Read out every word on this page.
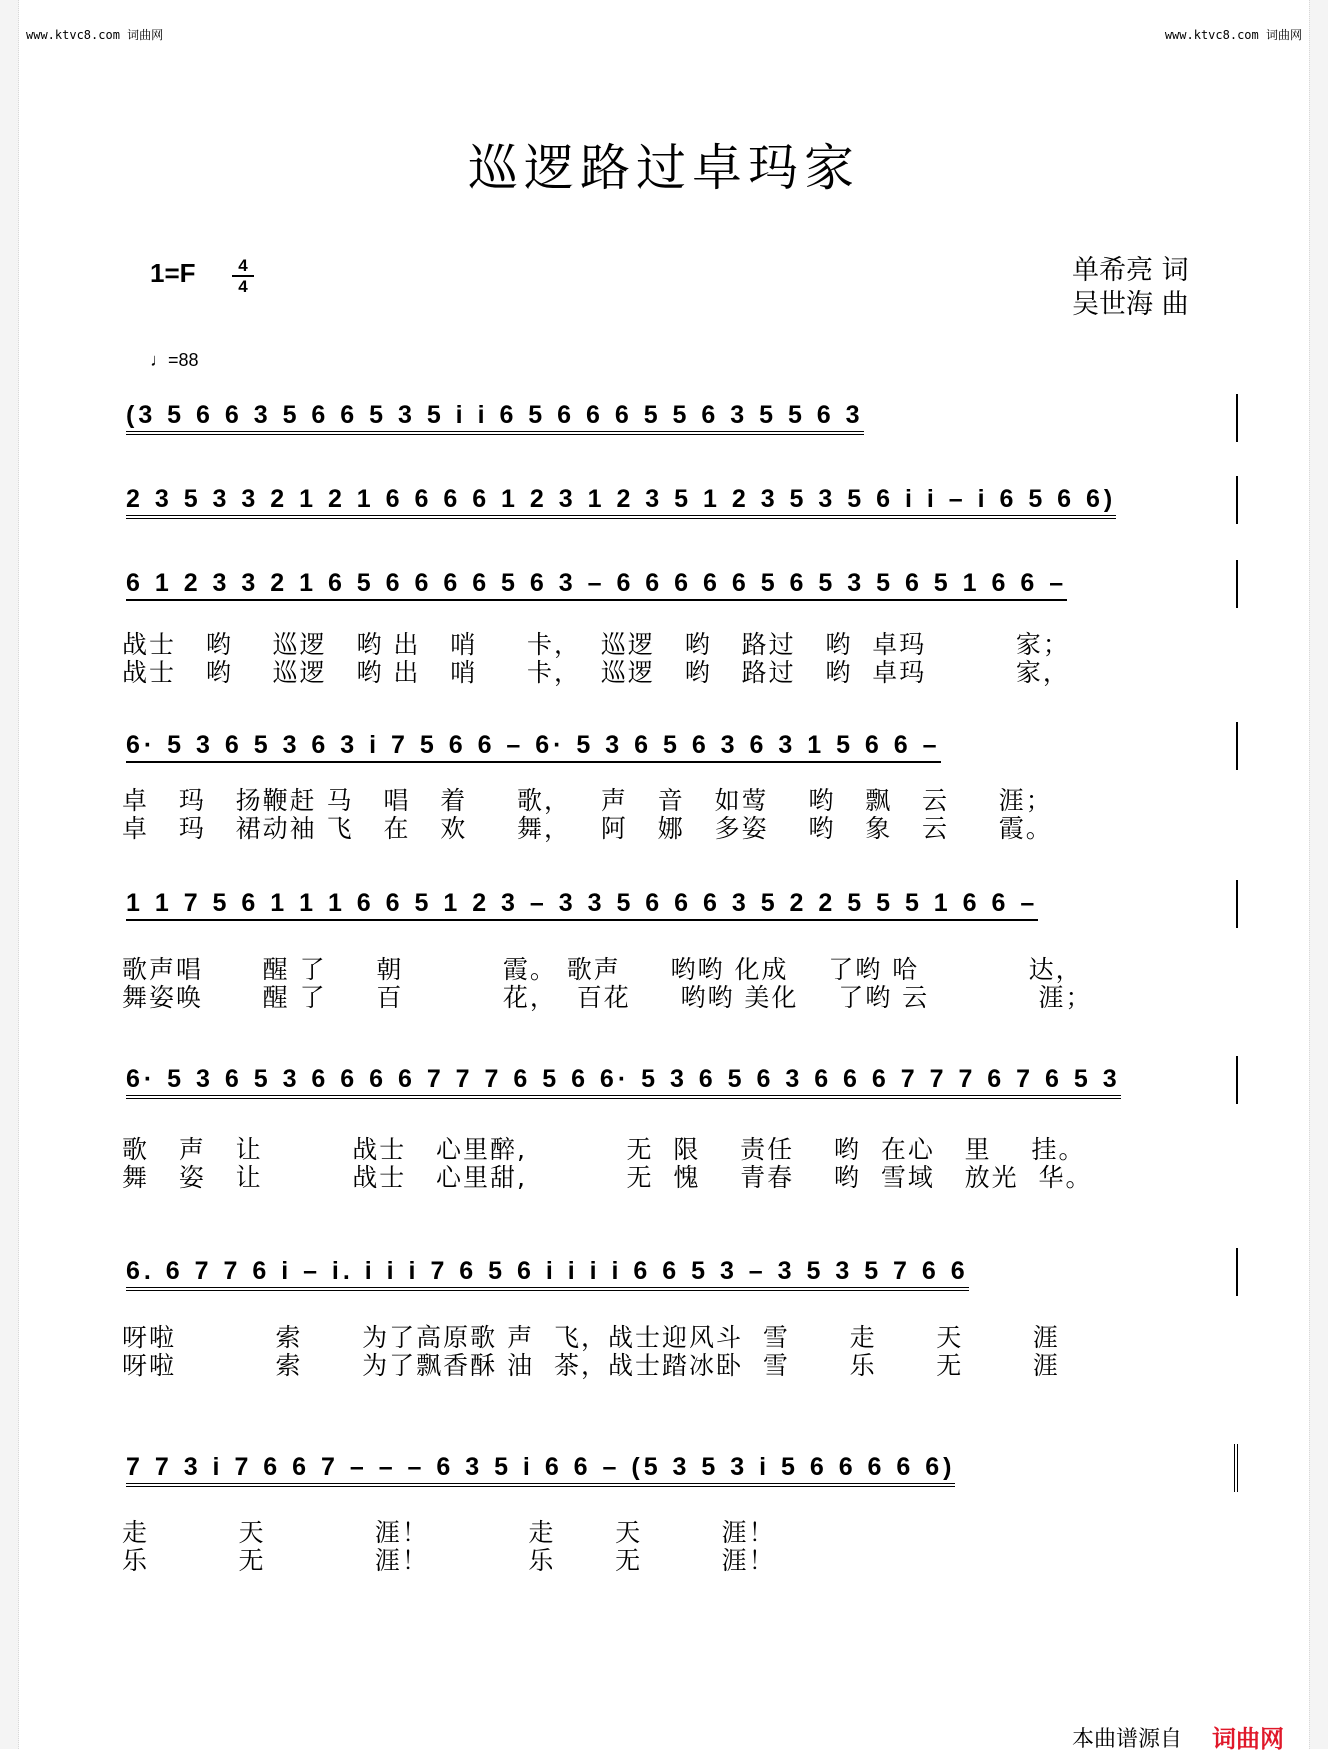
www.ktvc8.com 词曲网	www.ktvc8.com 词曲网
巡逻路过卓玛家
1=F	4
4
单希亮 词
吴世海 曲
♩=88
(3 5 6 6 3 5 6 6 5 3 5 i i 6 5 6 6 6 5 5 6 3 5 5 6 3
2 3 5 3 3 2 1 2 1 6 6 6 6 1 2 3 1 2 3 5 1 2 3 5 3 5 6 i i – i 6 5 6 6)
6 1 2 3 3 2 1 6 5 6 6 6 6 5 6 3 – 6 6 6 6 6 5 6 5 3 5 6 5 1 6 6 –
战士   哟    巡逻   哟 出   哨     卡，  巡逻   哟   路过   哟  卓玛         家；
战士   哟    巡逻   哟 出   哨     卡，  巡逻   哟   路过   哟  卓玛         家，
6· 5 3 6 5 3 6 3 i 7 5 6 6 – 6· 5 3 6 5 6 3 6 3 1 5 6 6 –
卓   玛   扬鞭赶 马   唱   着     歌，   声   音   如莺    哟   飘   云     涯；
卓   玛   裙动袖 飞   在   欢     舞，   阿   娜   多姿    哟   象   云     霞。
1 1 7 5 6 1 1 1 6 6 5 1 2 3 – 3 3 5 6 6 6 3 5 2 2 5 5 5 1 6 6 –
歌声唱      醒 了     朝          霞。 歌声     哟哟 化成    了哟 哈           达，
舞姿唤      醒 了     百          花，  百花     哟哟 美化    了哟 云           涯；
6· 5 3 6 5 3 6 6 6 6 7 7 7 6 5 6 6· 5 3 6 5 6 3 6 6 6 7 7 7 6 7 6 5 3
歌   声   让         战士   心里醉,          无  限    责任    哟  在心   里    挂。
舞   姿   让         战士   心里甜,          无  愧    青春    哟  雪域   放光  华。
6. 6 7 7 6 i – i. i i i 7 6 5 6 i i i i 6 6 5 3 – 3 5 3 5 7 6 6
呀啦          索      为了高原歌 声  飞，战士迎风斗  雪      走      天       涯
呀啦          索      为了飘香酥 油  茶，战士踏冰卧  雪      乐      无       涯
7 7 3 i 7 6 6 7 – – – 6 3 5 i 6 6 – (5 3 5 3 i 5 6 6 6 6 6)
走         天           涯！          走      天        涯！
乐         无           涯！          乐      无        涯！
本曲谱源自 词曲网
